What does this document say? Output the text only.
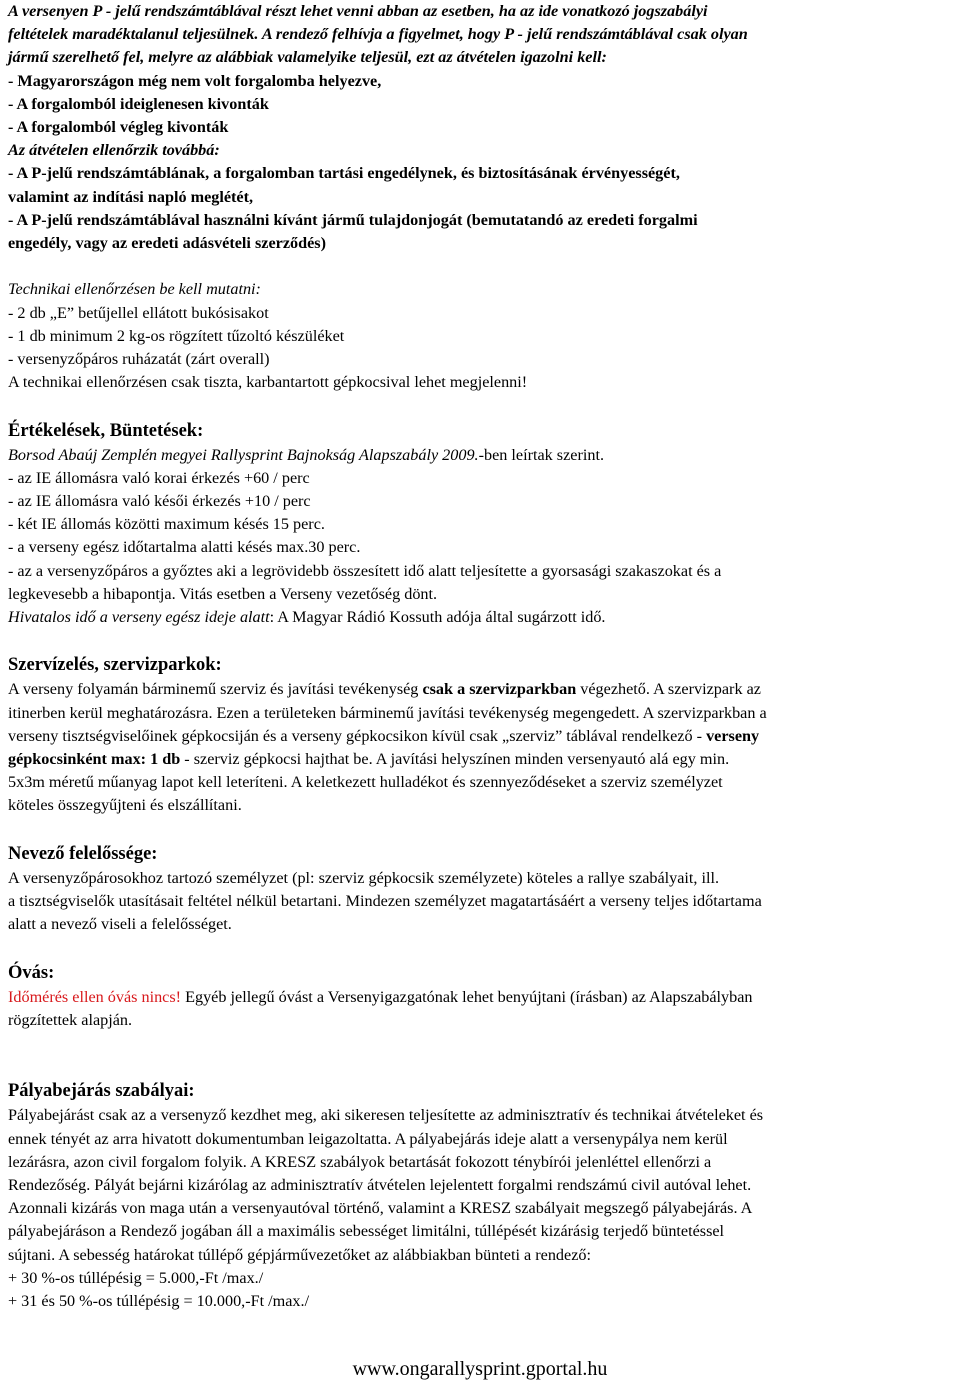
A versenyen P - jelű rendszámtáblával részt lehet venni abban az esetben, ha az ide vonatkozó jogszabályi
feltételek maradéktalanul teljesülnek. A rendező felhívja a figyelmet, hogy P - jelű rendszámtáblával csak olyan
jármű szerelhető fel, melyre az alábbiak valamelyike teljesül, ezt az átvételen igazolni kell:
- Magyarországon még nem volt forgalomba helyezve,
- A forgalomból ideiglenesen kivonták
- A forgalomból végleg kivonták
Az átvételen ellenőrzik továbbá:
- A P-jelű rendszámtáblának, a forgalomban tartási engedélynek, és biztosításának érvényességét,
valamint az indítási napló meglétét,
- A P-jelű rendszámtáblával használni kívánt jármű tulajdonjogát (bemutatandó az eredeti forgalmi
engedély, vagy az eredeti adásvételi szerződés)
Technikai ellenőrzésen be kell mutatni:
- 2 db „E” betűjellel ellátott bukósisakot
- 1 db minimum 2 kg-os rögzített tűzoltó készüléket
- versenyzőpáros ruházatát (zárt overall)
A technikai ellenőrzésen csak tiszta, karbantartott gépkocsival lehet megjelenni!
Értékelések, Büntetések:
Borsod Abaúj Zemplén megyei Rallysprint Bajnokság Alapszabály 2009.-ben leírtak szerint.
- az IE állomásra való korai érkezés +60 / perc
- az IE állomásra való késői érkezés +10 / perc
- két IE állomás közötti maximum késés 15 perc.
- a verseny egész időtartalma alatti késés max.30 perc.
- az a versenyzőpáros a győztes aki a legrövidebb összesített idő alatt teljesítette a gyorsasági szakaszokat és a
legkevesebb a hibapontja. Vitás esetben a Verseny vezetőség dönt.
Hivatalos idő a verseny egész ideje alatt: A Magyar Rádió Kossuth adója által sugárzott idő.
Szervízelés, szervizparkok:
A verseny folyamán bárminemű szerviz és javítási tevékenység csak a szervizparkban végezhető. A szervizpark az
itinerben kerül meghatározásra. Ezen a területeken bárminemű javítási tevékenység megengedett. A szervizparkban a
verseny tisztségviselőinek gépkocsiján és a verseny gépkocsikon kívül csak „szerviz” táblával rendelkező - verseny
gépkocsinként max: 1 db - szerviz gépkocsi hajthat be. A javítási helyszínen minden versenyautó alá egy min.
5x3m méretű műanyag lapot kell leteríteni. A keletkezett hulladékot és szennyeződéseket a szerviz személyzet
köteles összegyűjteni és elszállítani.
Nevező felelőssége:
A versenyzőpárosokhoz tartozó személyzet (pl: szerviz gépkocsik személyzete) köteles a rallye szabályait, ill.
a tisztségviselők utasításait feltétel nélkül betartani. Mindezen személyzet magatartásáért a verseny teljes időtartama
alatt a nevező viseli a felelősséget.
Óvás:
Időmérés ellen óvás nincs! Egyéb jellegű óvást a Versenyigazgatónak lehet benyújtani (írásban) az Alapszabályban
rögzítettek alapján.
Pályabejárás szabályai:
Pályabejárást csak az a versenyző kezdhet meg, aki sikeresen teljesítette az adminisztratív és technikai átvételeket és
ennek tényét az arra hivatott dokumentumban leigazoltatta. A pályabejárás ideje alatt a versenypálya nem kerül
lezárásra, azon civil forgalom folyik. A KRESZ szabályok betartását fokozott ténybírói jelenléttel ellenőrzi a
Rendezőség. Pályát bejárni kizárólag az adminisztratív átvételen lejelentett forgalmi rendszámú civil autóval lehet.
Azonnali kizárás von maga után a versenyautóval történő, valamint a KRESZ szabályait megszegő pályabejárás. A
pályabejáráson a Rendező jogában áll a maximális sebességet limitálni, túllépését kizárásig terjedő büntetéssel
sújtani. A sebesség határokat túllépő gépjárművezetőket az alábbiakban bünteti a rendező:
+ 30 %-os túllépésig = 5.000,-Ft /max./
+ 31 és 50 %-os túllépésig = 10.000,-Ft /max./
www.ongarallysprint.gportal.hu
